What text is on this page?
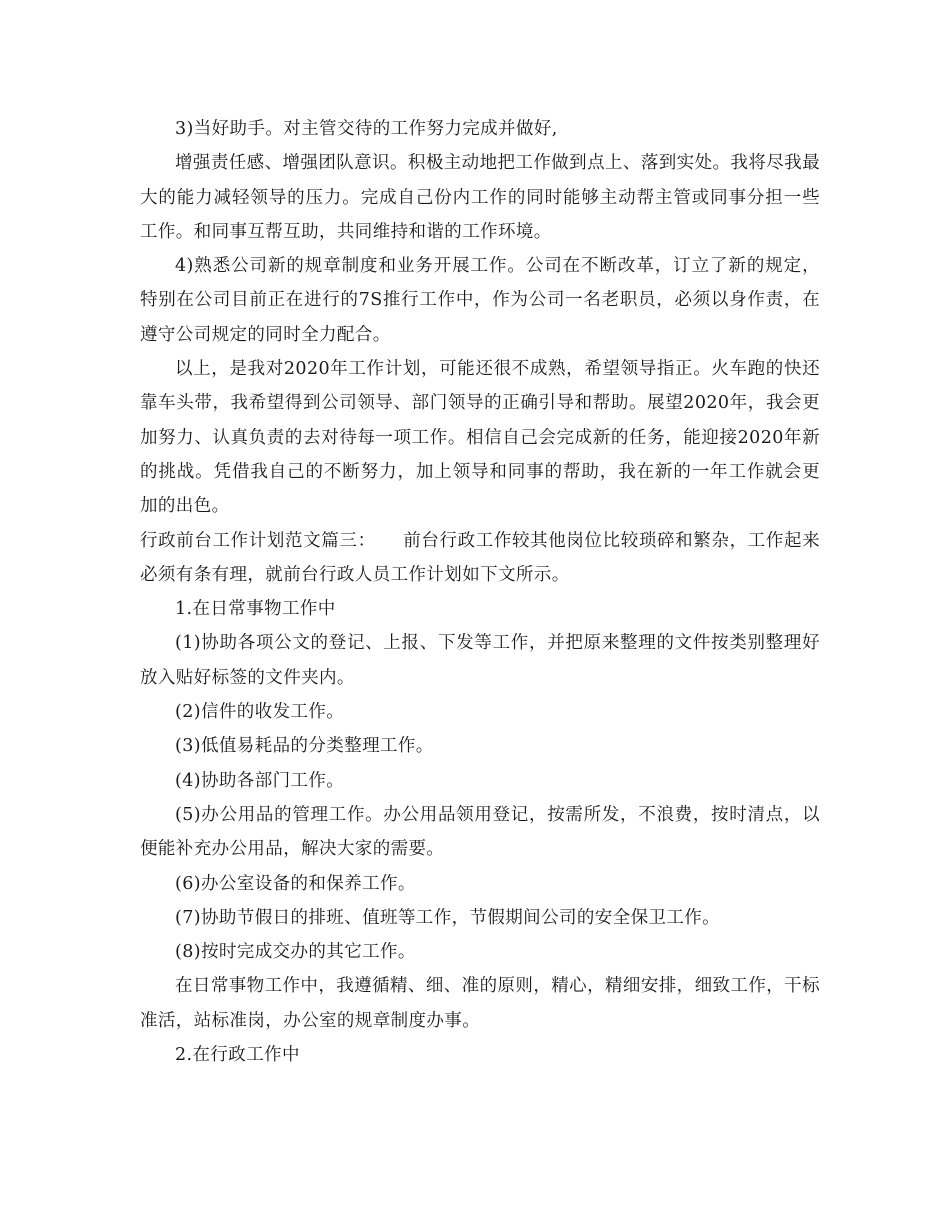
3)当好助手。对主管交待的工作努力完成并做好,

增强责任感、增强团队意识。积极主动地把工作做到点上、落到实处。我将尽我最大的能力减轻领导的压力。完成自己份内工作的同时能够主动帮主管或同事分担一些工作。和同事互帮互助，共同维持和谐的工作环境。

4)熟悉公司新的规章制度和业务开展工作。公司在不断改革，订立了新的规定，特别在公司目前正在进行的7S推行工作中，作为公司一名老职员，必须以身作责，在遵守公司规定的同时全力配合。

以上，是我对2020年工作计划，可能还很不成熟，希望领导指正。火车跑的快还靠车头带，我希望得到公司领导、部门领导的正确引导和帮助。展望2020年，我会更加努力、认真负责的去对待每一项工作。相信自己会完成新的任务，能迎接2020年新的挑战。凭借我自己的不断努力，加上领导和同事的帮助，我在新的一年工作就会更加的出色。

行政前台工作计划范文篇三：　　前台行政工作较其他岗位比较琐碎和繁杂，工作起来必须有条有理，就前台行政人员工作计划如下文所示。

1.在日常事物工作中

(1)协助各项公文的登记、上报、下发等工作，并把原来整理的文件按类别整理好放入贴好标签的文件夹内。

(2)信件的收发工作。

(3)低值易耗品的分类整理工作。

(4)协助各部门工作。

(5)办公用品的管理工作。办公用品领用登记，按需所发，不浪费，按时清点，以便能补充办公用品，解决大家的需要。

(6)办公室设备的和保养工作。

(7)协助节假日的排班、值班等工作，节假期间公司的安全保卫工作。

(8)按时完成交办的其它工作。

在日常事物工作中，我遵循精、细、准的原则，精心，精细安排，细致工作，干标准活，站标准岗，办公室的规章制度办事。

2.在行政工作中
